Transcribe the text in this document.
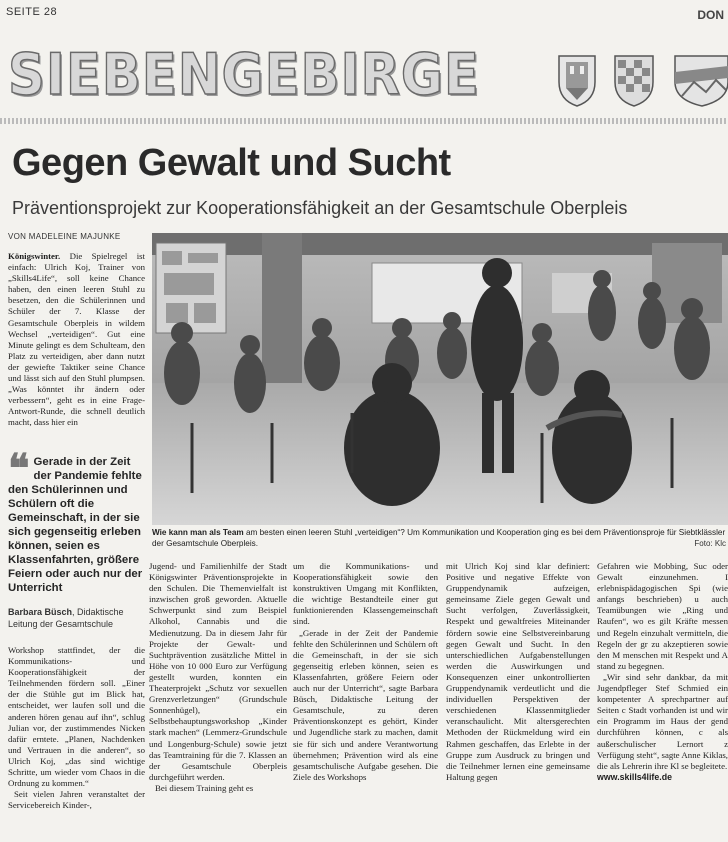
SEITE 28	DON
SIEBENGEBIRGE
Gegen Gewalt und Sucht
Präventionsprojekt zur Kooperationsfähigkeit an der Gesamtschule Oberpleis
VON MADELEINE MAJUNKE

Königswinter. Die Spielregel ist einfach: Ulrich Koj, Trainer von „Skills4Life“, soll keine Chance haben, den einen leeren Stuhl zu besetzen, den die Schülerinnen und Schüler der 7. Klasse der Gesamtschule Oberpleis in wildem Wechsel „verteidigen“. Gut eine Minute gelingt es dem Schulteam, den Platz zu verteidigen, aber dann nutzt der gewiefte Taktiker seine Chance und lässt sich auf den Stuhl plumpsen. „Was könntet ihr ändern oder verbessern“, geht es in eine Frage-Antwort-Runde, die schnell deutlich macht, dass hier ein

❝ Gerade in der Zeit der Pandemie fehlte den Schülerinnen und Schülern oft die Gemeinschaft, in der sie sich gegenseitig erleben können, seien es Klassenfahrten, größere Feiern oder auch nur der Unterricht
Barbara Büsch, Didaktische Leitung der Gesamtschule

Workshop stattfindet, der die Kommunikations- und Kooperationsfähigkeit der Teilnehmenden fördern soll. „Einer der die Stühle gut im Blick hat, entscheidet, wer laufen soll und die anderen hören genau auf ihn“, schlug Julian vor, der zustimmendes Nicken dafür erntete. „Planen, Nachdenken und Vertrauen in die anderen“, so Ulrich Koj, „das sind wichtige Schritte, um wieder vom Chaos in die Ordnung zu kommen.“

Seit vielen Jahren veranstaltet der Servicebereich Kinder-,

Wie kann man als Team am besten einen leeren Stuhl „verteidigen“? Um Kommunikation und Kooperation ging es bei dem Präventionsproje für Siebtklässler der Gesamtschule Oberpleis.	Foto: Klc

Jugend- und Familienhilfe der Stadt Königswinter Präventionsprojekte in den Schulen. Die Themenvielfalt ist inzwischen groß geworden. Aktuelle Schwerpunkt sind zum Beispiel Alkohol, Cannabis und die Medienutzung. Da in diesem Jahr für Projekte der Gewalt- und Suchtprävention zusätzliche Mittel in Höhe von 10 000 Euro zur Verfügung gestellt wurden, konnten ein Theaterprojekt „Schutz vor sexuellen Grenzverletzungen“ (Grundschule Sonnenhügel), ein Selbstbehauptungsworkshop „Kinder stark machen“ (Lemmerz-Grundschule und Longenburg-Schule) sowie jetzt das Teamtraining für die 7. Klassen an der Gesamtschule Oberpleis durchgeführt werden.

Bei diesem Training geht es

um die Kommunikations- und Kooperationsfähigkeit sowie den konstruktiven Umgang mit Konflikten, die wichtige Bestandteile einer gut funktionierenden Klassengemeinschaft sind.

„Gerade in der Zeit der Pandemie fehlte den Schülerinnen und Schülern oft die Gemeinschaft, in der sie sich gegenseitig erleben können, seien es Klassenfahrten, größere Feiern oder auch nur der Unterricht“, sagte Barbara Büsch, Didaktische Leitung der Gesamtschule, zu deren Präventionskonzept es gehört, Kinder und Jugendliche stark zu machen, damit sie für sich und andere Verantwortung übernehmen; Prävention wird als eine gesamtschulische Aufgabe gesehen. Die Ziele des Workshops

mit Ulrich Koj sind klar definiert: Positive und negative Effekte von Gruppendynamik aufzeigen, gemeinsame Ziele gegen Gewalt und Sucht verfolgen, Zuverlässigkeit, Respekt und gewaltfreies Miteinander fördern sowie eine Selbstvereinbarung gegen Gewalt und Sucht. In den unterschiedlichen Aufgabenstellungen werden die Auswirkungen und Konsequenzen einer unkontrollierten Gruppendynamik verdeutlicht und die individuellen Perspektiven der verschiedenen Klassenmitglieder veranschaulicht. Mit altersgerechten Methoden der Rückmeldung wird ein Rahmen geschaffen, das Erlebte in der Gruppe zum Ausdruck zu bringen und die Teilnehmer lernen eine gemeinsame Haltung gegen

Gefahren wie Mobbing, Suc oder Gewalt einzunehmen. I erlebnispädagogischen Spi (wie anfangs beschrieben) u auch Teamübungen wie „Ring und Raufen“, wo es gilt Kräfte messen und Regeln einzuhalt vermitteln, die Regeln der gr zu akzeptieren sowie den M menschen mit Respekt und A stand zu begegnen.

„Wir sind sehr dankbar, da mit Jugendpfleger Stef Schmied ein kompetenter A sprechpartner auf Seiten c Stadt vorhanden ist und wir ein Programm im Haus der gend durchführen können, c als außerschulischer Lernort z Verfügung steht“, sagte Anne Kiklas, die als Lehrerin ihre Kl se begleitete.

www.skills4life.de
